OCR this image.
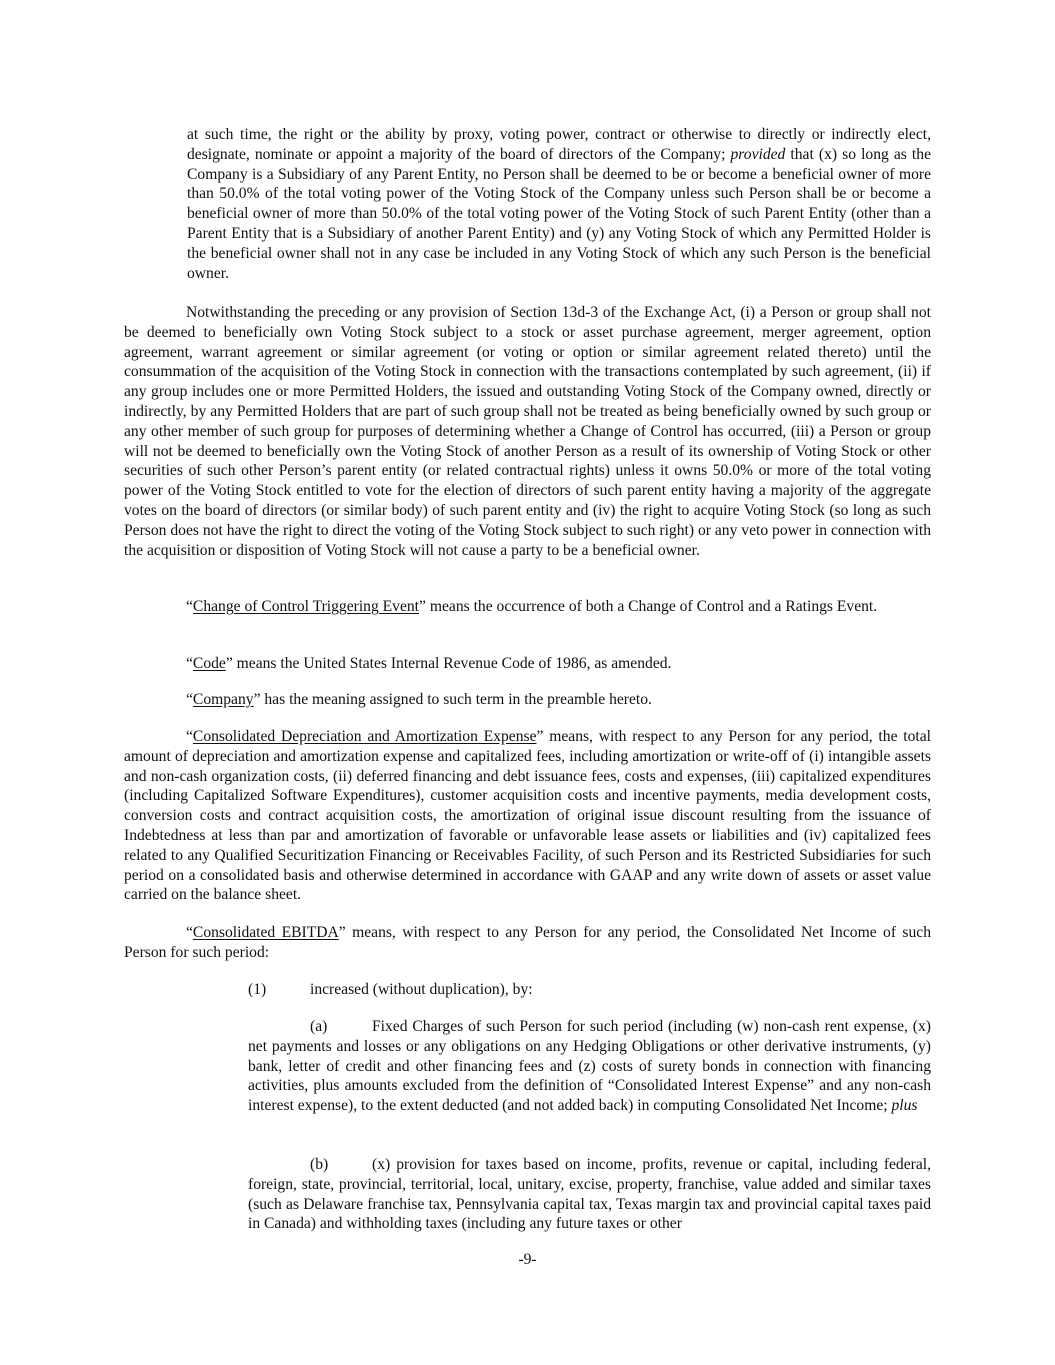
at such time, the right or the ability by proxy, voting power, contract or otherwise to directly or indirectly elect, designate, nominate or appoint a majority of the board of directors of the Company; provided that (x) so long as the Company is a Subsidiary of any Parent Entity, no Person shall be deemed to be or become a beneficial owner of more than 50.0% of the total voting power of the Voting Stock of the Company unless such Person shall be or become a beneficial owner of more than 50.0% of the total voting power of the Voting Stock of such Parent Entity (other than a Parent Entity that is a Subsidiary of another Parent Entity) and (y) any Voting Stock of which any Permitted Holder is the beneficial owner shall not in any case be included in any Voting Stock of which any such Person is the beneficial owner.

Notwithstanding the preceding or any provision of Section 13d-3 of the Exchange Act, (i) a Person or group shall not be deemed to beneficially own Voting Stock subject to a stock or asset purchase agreement, merger agreement, option agreement, warrant agreement or similar agreement (or voting or option or similar agreement related thereto) until the consummation of the acquisition of the Voting Stock in connection with the transactions contemplated by such agreement, (ii) if any group includes one or more Permitted Holders, the issued and outstanding Voting Stock of the Company owned, directly or indirectly, by any Permitted Holders that are part of such group shall not be treated as being beneficially owned by such group or any other member of such group for purposes of determining whether a Change of Control has occurred, (iii) a Person or group will not be deemed to beneficially own the Voting Stock of another Person as a result of its ownership of Voting Stock or other securities of such other Person’s parent entity (or related contractual rights) unless it owns 50.0% or more of the total voting power of the Voting Stock entitled to vote for the election of directors of such parent entity having a majority of the aggregate votes on the board of directors (or similar body) of such parent entity and (iv) the right to acquire Voting Stock (so long as such Person does not have the right to direct the voting of the Voting Stock subject to such right) or any veto power in connection with the acquisition or disposition of Voting Stock will not cause a party to be a beneficial owner.

“Change of Control Triggering Event” means the occurrence of both a Change of Control and a Ratings Event.

“Code” means the United States Internal Revenue Code of 1986, as amended.

“Company” has the meaning assigned to such term in the preamble hereto.

“Consolidated Depreciation and Amortization Expense” means, with respect to any Person for any period, the total amount of depreciation and amortization expense and capitalized fees, including amortization or write-off of (i) intangible assets and non-cash organization costs, (ii) deferred financing and debt issuance fees, costs and expenses, (iii) capitalized expenditures (including Capitalized Software Expenditures), customer acquisition costs and incentive payments, media development costs, conversion costs and contract acquisition costs, the amortization of original issue discount resulting from the issuance of Indebtedness at less than par and amortization of favorable or unfavorable lease assets or liabilities and (iv) capitalized fees related to any Qualified Securitization Financing or Receivables Facility, of such Person and its Restricted Subsidiaries for such period on a consolidated basis and otherwise determined in accordance with GAAP and any write down of assets or asset value carried on the balance sheet.

“Consolidated EBITDA” means, with respect to any Person for any period, the Consolidated Net Income of such Person for such period:

(1)	increased (without duplication), by:

(a)	Fixed Charges of such Person for such period (including (w) non-cash rent expense, (x) net payments and losses or any obligations on any Hedging Obligations or other derivative instruments, (y) bank, letter of credit and other financing fees and (z) costs of surety bonds in connection with financing activities, plus amounts excluded from the definition of “Consolidated Interest Expense” and any non-cash interest expense), to the extent deducted (and not added back) in computing Consolidated Net Income; plus

(b)	(x) provision for taxes based on income, profits, revenue or capital, including federal, foreign, state, provincial, territorial, local, unitary, excise, property, franchise, value added and similar taxes (such as Delaware franchise tax, Pennsylvania capital tax, Texas margin tax and provincial capital taxes paid in Canada) and withholding taxes (including any future taxes or other

-9-
